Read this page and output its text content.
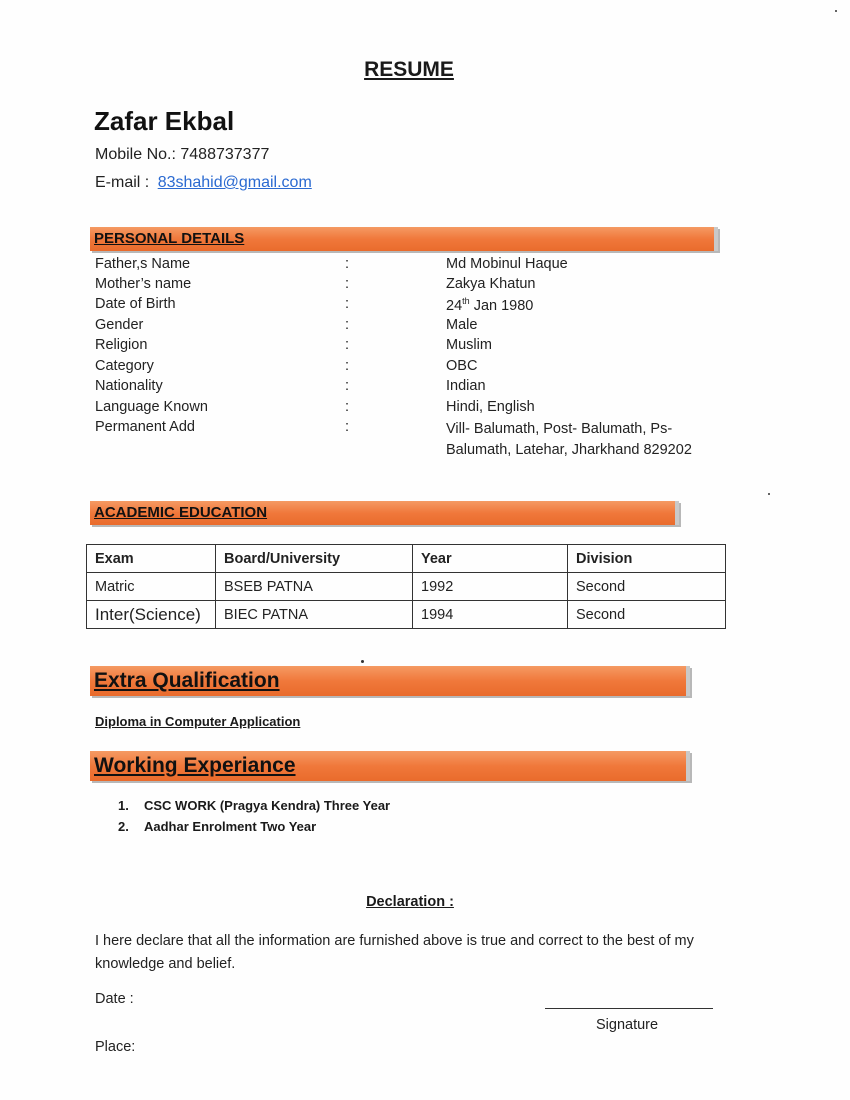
RESUME
Zafar Ekbal
Mobile No.: 7488737377
E-mail : 83shahid@gmail.com
PERSONAL DETAILS
Father,s Name	:	Md Mobinul Haque
Mother’s name	:	Zakya Khatun
Date of Birth	:	24th Jan 1980
Gender	:	Male
Religion	:	Muslim
Category	:	OBC
Nationality	:	Indian
Language Known	:	Hindi, English
Permanent Add	:	Vill- Balumath, Post- Balumath, Ps- Balumath, Latehar, Jharkhand 829202
ACADEMIC EDUCATION
Exam	Board/University	Year	Division
Matric	BSEB PATNA	1992	Second
Inter(Science)	BIEC PATNA	1994	Second
Extra Qualification
Diploma in Computer Application
Working Experiance
1. CSC WORK (Pragya Kendra) Three Year
2. Aadhar Enrolment Two Year
Declaration :
I here declare that all the information are furnished above is true and correct to the best of my knowledge and belief.
Date :
Place:
Signature
